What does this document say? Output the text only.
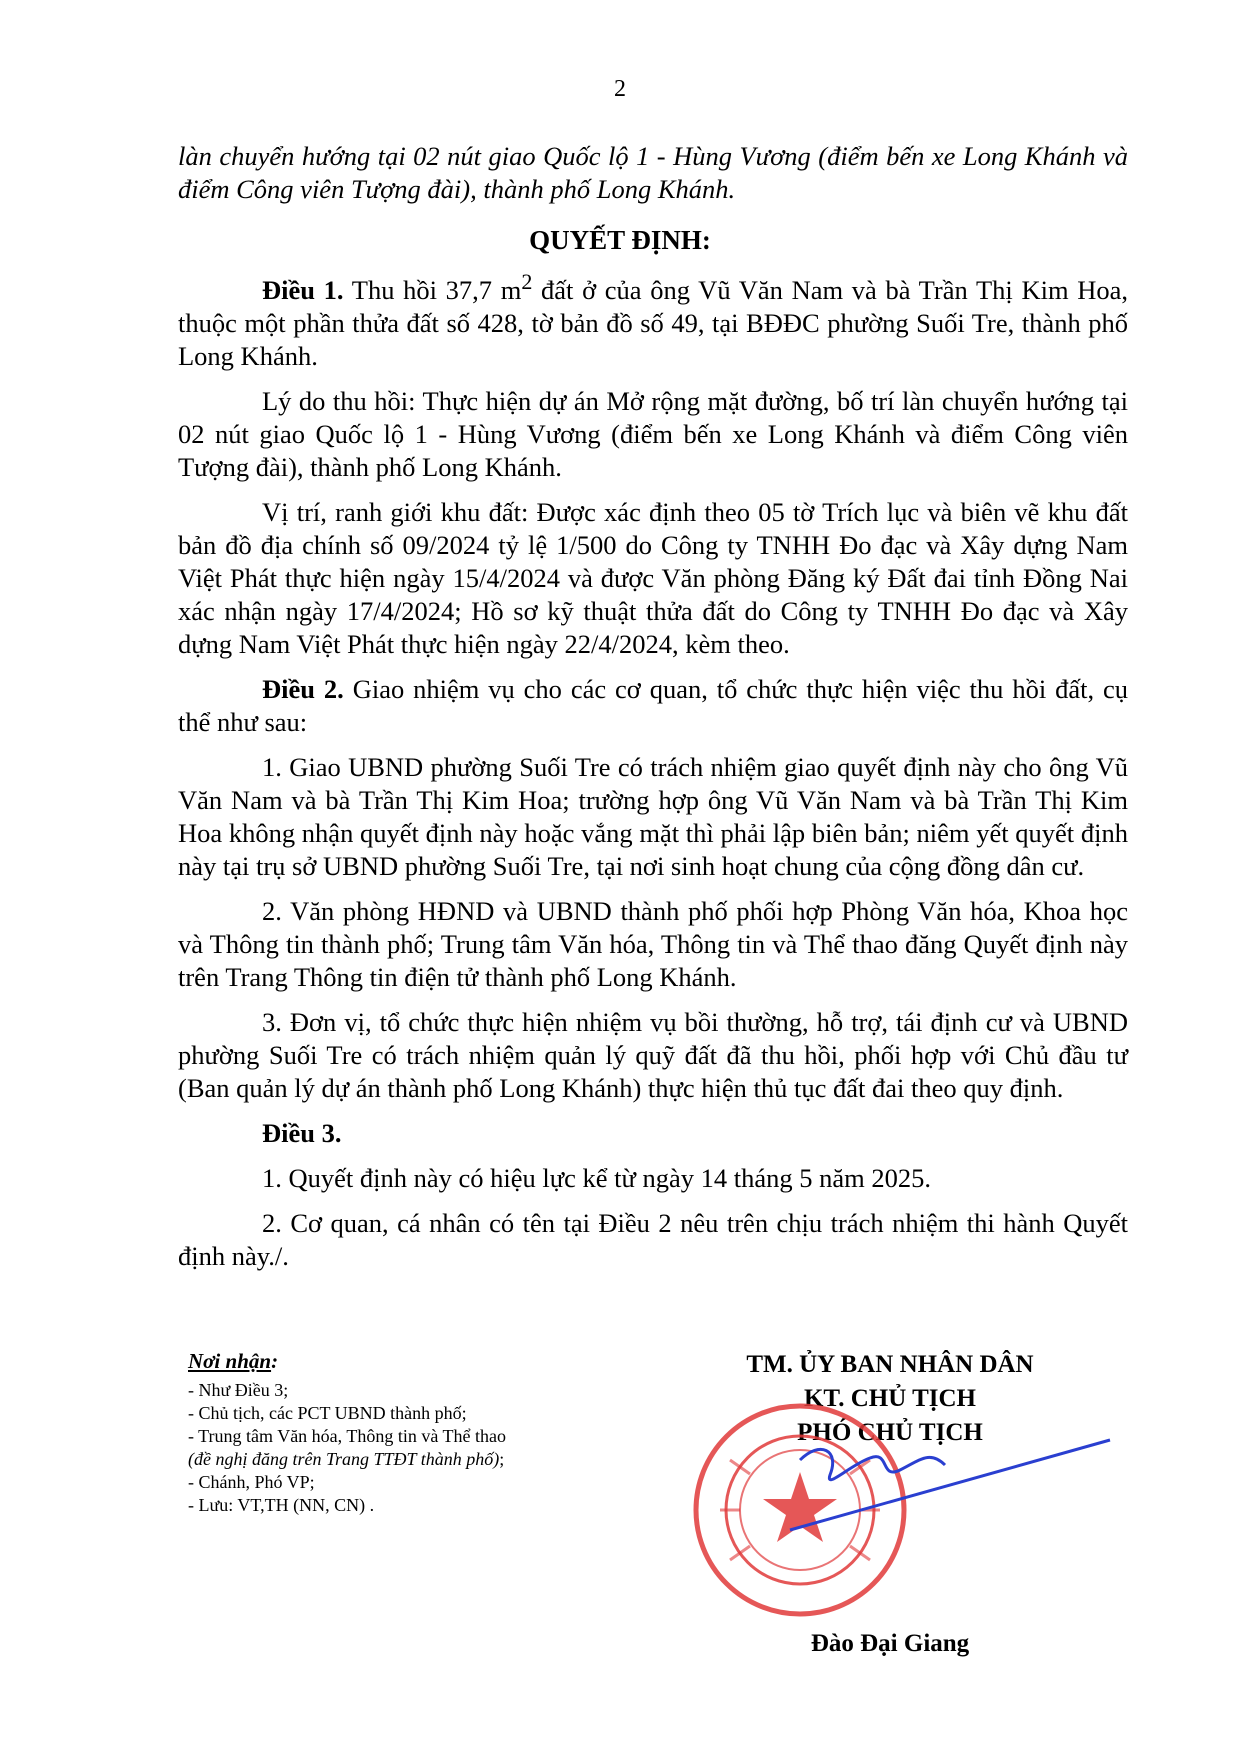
2
làn chuyển hướng tại 02 nút giao Quốc lộ 1 - Hùng Vương (điểm bến xe Long Khánh và điểm Công viên Tượng đài), thành phố Long Khánh.
QUYẾT ĐỊNH:

Điều 1. Thu hồi 37,7 $m^2$ đất ở của ông Vũ Văn Nam và bà Trần Thị Kim Hoa, thuộc một phần thửa đất số 428, tờ bản đồ số 49, tại BĐĐC phường Suối Tre, thành phố Long Khánh.

Lý do thu hồi: Thực hiện dự án Mở rộng mặt đường, bố trí làn chuyển hướng tại 02 nút giao Quốc lộ 1 - Hùng Vương (điểm bến xe Long Khánh và điểm Công viên Tượng đài), thành phố Long Khánh.

Vị trí, ranh giới khu đất: Được xác định theo 05 tờ Trích lục và biên vẽ khu đất bản đồ địa chính số 09/2024 tỷ lệ 1/500 do Công ty TNHH Đo đạc và Xây dựng Nam Việt Phát thực hiện ngày 15/4/2024 và được Văn phòng Đăng ký Đất đai tỉnh Đồng Nai xác nhận ngày 17/4/2024; Hồ sơ kỹ thuật thửa đất do Công ty TNHH Đo đạc và Xây dựng Nam Việt Phát thực hiện ngày 22/4/2024, kèm theo.

Điều 2. Giao nhiệm vụ cho các cơ quan, tổ chức thực hiện việc thu hồi đất, cụ thể như sau:

1. Giao UBND phường Suối Tre có trách nhiệm giao quyết định này cho ông Vũ Văn Nam và bà Trần Thị Kim Hoa; trường hợp ông Vũ Văn Nam và bà Trần Thị Kim Hoa không nhận quyết định này hoặc vắng mặt thì phải lập biên bản; niêm yết quyết định này tại trụ sở UBND phường Suối Tre, tại nơi sinh hoạt chung của cộng đồng dân cư.

2. Văn phòng HĐND và UBND thành phố phối hợp Phòng Văn hóa, Khoa học và Thông tin thành phố; Trung tâm Văn hóa, Thông tin và Thể thao đăng Quyết định này trên Trang Thông tin điện tử thành phố Long Khánh.

3. Đơn vị, tổ chức thực hiện nhiệm vụ bồi thường, hỗ trợ, tái định cư và UBND phường Suối Tre có trách nhiệm quản lý quỹ đất đã thu hồi, phối hợp với Chủ đầu tư (Ban quản lý dự án thành phố Long Khánh) thực hiện thủ tục đất đai theo quy định.

Điều 3.

1. Quyết định này có hiệu lực kể từ ngày 14 tháng 5 năm 2025.

2. Cơ quan, cá nhân có tên tại Điều 2 nêu trên chịu trách nhiệm thi hành Quyết định này./.

Nơi nhận:
- Như Điều 3;
- Chủ tịch, các PCT UBND thành phố;
- Trung tâm Văn hóa, Thông tin và Thể thao
(đề nghị đăng trên Trang TTĐT thành phố);
- Chánh, Phó VP;
- Lưu: VT,TH (NN, CN) .
TM. ỦY BAN NHÂN DÂN
KT. CHỦ TỊCH
PHÓ CHỦ TỊCH
Đào Đại Giang
